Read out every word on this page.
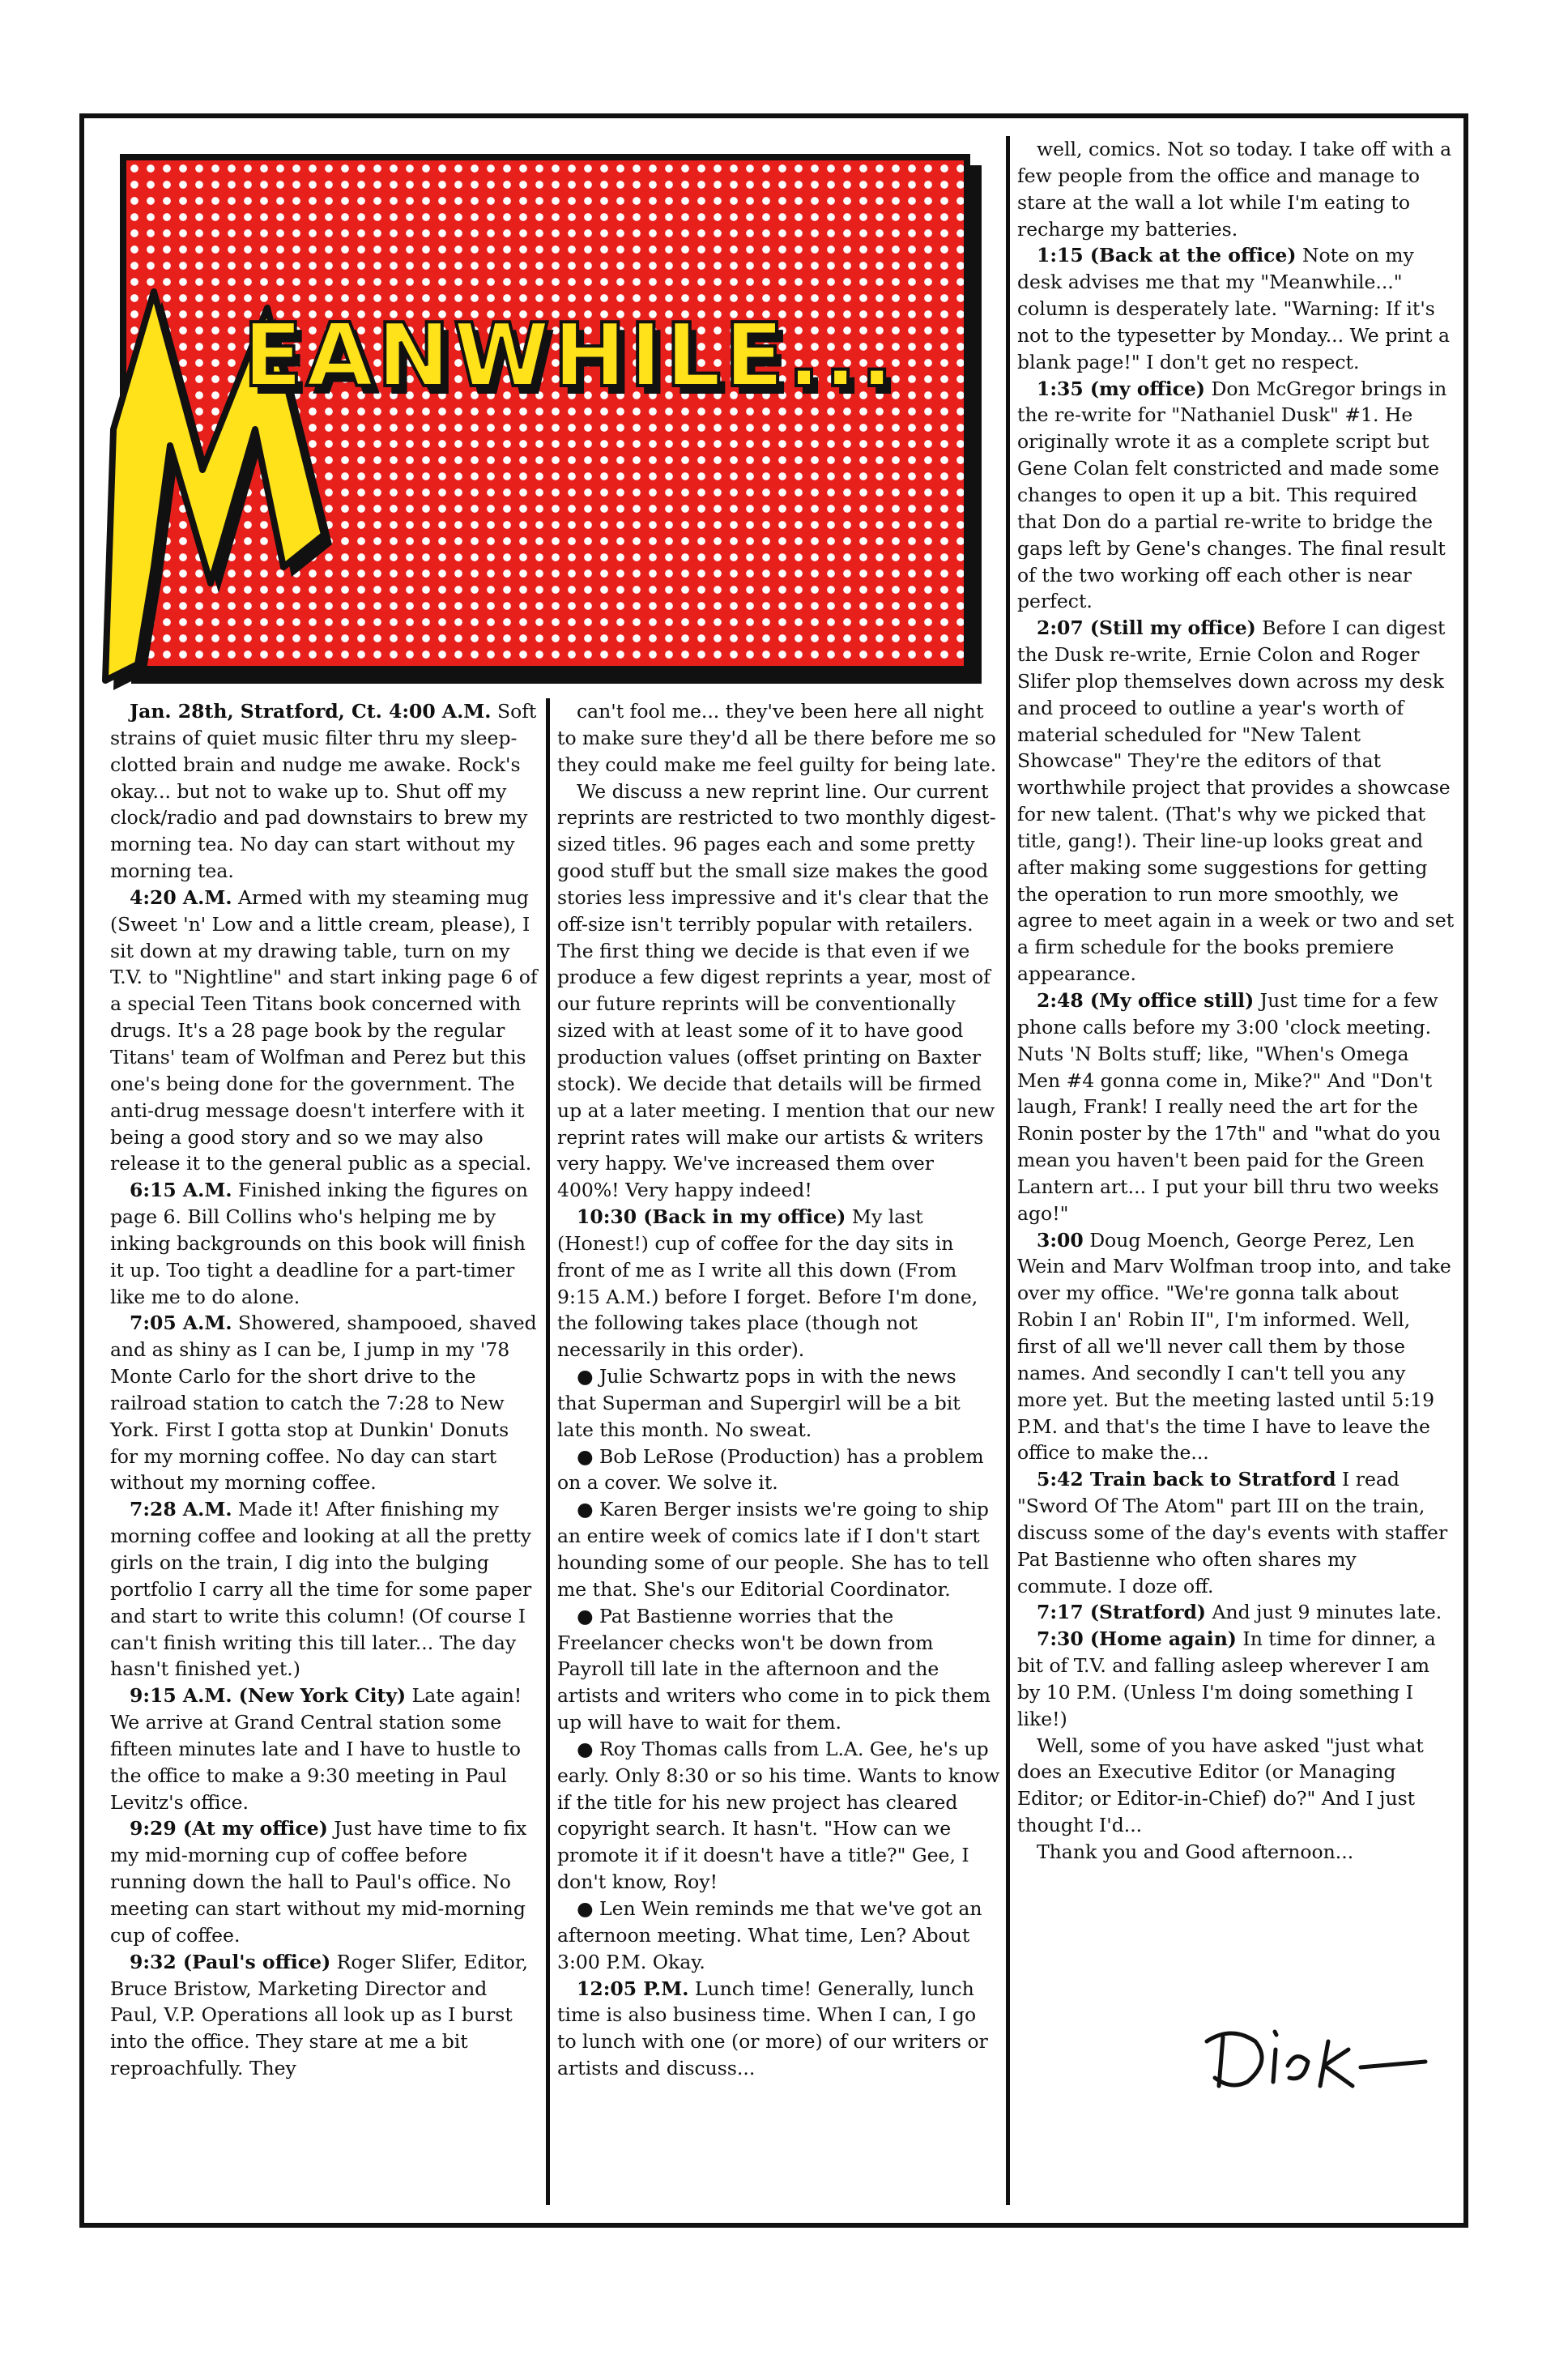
EANWHILE...

Jan. 28th, Stratford, Ct. 4:00 A.M. Soft strains of quiet music filter thru my sleep-clotted brain and nudge me awake. Rock's okay... but not to wake up to. Shut off my clock/radio and pad downstairs to brew my morning tea. No day can start without my morning tea.

4:20 A.M. Armed with my steaming mug (Sweet 'n' Low and a little cream, please), I sit down at my drawing table, turn on my T.V. to "Nightline" and start inking page 6 of a special Teen Titans book concerned with drugs. It's a 28 page book by the regular Titans' team of Wolfman and Perez but this one's being done for the government. The anti-drug message doesn't interfere with it being a good story and so we may also release it to the general public as a special.

6:15 A.M. Finished inking the figures on page 6. Bill Collins who's helping me by inking backgrounds on this book will finish it up. Too tight a deadline for a part-timer like me to do alone.

7:05 A.M. Showered, shampooed, shaved and as shiny as I can be, I jump in my '78 Monte Carlo for the short drive to the railroad station to catch the 7:28 to New York. First I gotta stop at Dunkin' Donuts for my morning coffee. No day can start without my morning coffee.

7:28 A.M. Made it! After finishing my morning coffee and looking at all the pretty girls on the train, I dig into the bulging portfolio I carry all the time for some paper and start to write this column! (Of course I can't finish writing this till later... The day hasn't finished yet.)

9:15 A.M. (New York City) Late again! We arrive at Grand Central station some fifteen minutes late and I have to hustle to the office to make a 9:30 meeting in Paul Levitz's office.

9:29 (At my office) Just have time to fix my mid-morning cup of coffee before running down the hall to Paul's office. No meeting can start without my mid-morning cup of coffee.

9:32 (Paul's office) Roger Slifer, Editor, Bruce Bristow, Marketing Director and Paul, V.P. Operations all look up as I burst into the office. They stare at me a bit reproachfully. They

can't fool me... they've been here all night to make sure they'd all be there before me so they could make me feel guilty for being late.

We discuss a new reprint line. Our current reprints are restricted to two monthly digest-sized titles. 96 pages each and some pretty good stuff but the small size makes the good stories less impressive and it's clear that the off-size isn't terribly popular with retailers. The first thing we decide is that even if we produce a few digest reprints a year, most of our future reprints will be conventionally sized with at least some of it to have good production values (offset printing on Baxter stock). We decide that details will be firmed up at a later meeting. I mention that our new reprint rates will make our artists & writers very happy. We've increased them over 400%! Very happy indeed!

10:30 (Back in my office) My last (Honest!) cup of coffee for the day sits in front of me as I write all this down (From 9:15 A.M.) before I forget. Before I'm done, the following takes place (though not necessarily in this order).

● Julie Schwartz pops in with the news that Superman and Supergirl will be a bit late this month. No sweat.

● Bob LeRose (Production) has a problem on a cover. We solve it.

● Karen Berger insists we're going to ship an entire week of comics late if I don't start hounding some of our people. She has to tell me that. She's our Editorial Coordinator.

● Pat Bastienne worries that the Freelancer checks won't be down from Payroll till late in the afternoon and the artists and writers who come in to pick them up will have to wait for them.

● Roy Thomas calls from L.A. Gee, he's up early. Only 8:30 or so his time. Wants to know if the title for his new project has cleared copyright search. It hasn't. "How can we promote it if it doesn't have a title?" Gee, I don't know, Roy!

● Len Wein reminds me that we've got an afternoon meeting. What time, Len? About 3:00 P.M. Okay.

12:05 P.M. Lunch time! Generally, lunch time is also business time. When I can, I go to lunch with one (or more) of our writers or artists and discuss...

well, comics. Not so today. I take off with a few people from the office and manage to stare at the wall a lot while I'm eating to recharge my batteries.

1:15 (Back at the office) Note on my desk advises me that my "Meanwhile..." column is desperately late. "Warning: If it's not to the typesetter by Monday... We print a blank page!" I don't get no respect.

1:35 (my office) Don McGregor brings in the re-write for "Nathaniel Dusk" #1. He originally wrote it as a complete script but Gene Colan felt constricted and made some changes to open it up a bit. This required that Don do a partial re-write to bridge the gaps left by Gene's changes. The final result of the two working off each other is near perfect.

2:07 (Still my office) Before I can digest the Dusk re-write, Ernie Colon and Roger Slifer plop themselves down across my desk and proceed to outline a year's worth of material scheduled for "New Talent Showcase" They're the editors of that worthwhile project that provides a showcase for new talent. (That's why we picked that title, gang!). Their line-up looks great and after making some suggestions for getting the operation to run more smoothly, we agree to meet again in a week or two and set a firm schedule for the books premiere appearance.

2:48 (My office still) Just time for a few phone calls before my 3:00 'clock meeting. Nuts 'N Bolts stuff; like, "When's Omega Men #4 gonna come in, Mike?" And "Don't laugh, Frank! I really need the art for the Ronin poster by the 17th" and "what do you mean you haven't been paid for the Green Lantern art... I put your bill thru two weeks ago!"

3:00 Doug Moench, George Perez, Len Wein and Marv Wolfman troop into, and take over my office. "We're gonna talk about Robin I an' Robin II", I'm informed. Well, first of all we'll never call them by those names. And secondly I can't tell you any more yet. But the meeting lasted until 5:19 P.M. and that's the time I have to leave the office to make the...

5:42 Train back to Stratford I read "Sword Of The Atom" part III on the train, discuss some of the day's events with staffer Pat Bastienne who often shares my commute. I doze off.

7:17 (Stratford) And just 9 minutes late.

7:30 (Home again) In time for dinner, a bit of T.V. and falling asleep wherever I am by 10 P.M. (Unless I'm doing something I like!)

Well, some of you have asked "just what does an Executive Editor (or Managing Editor; or Editor-in-Chief) do?" And I just thought I'd...

Thank you and Good afternoon...
